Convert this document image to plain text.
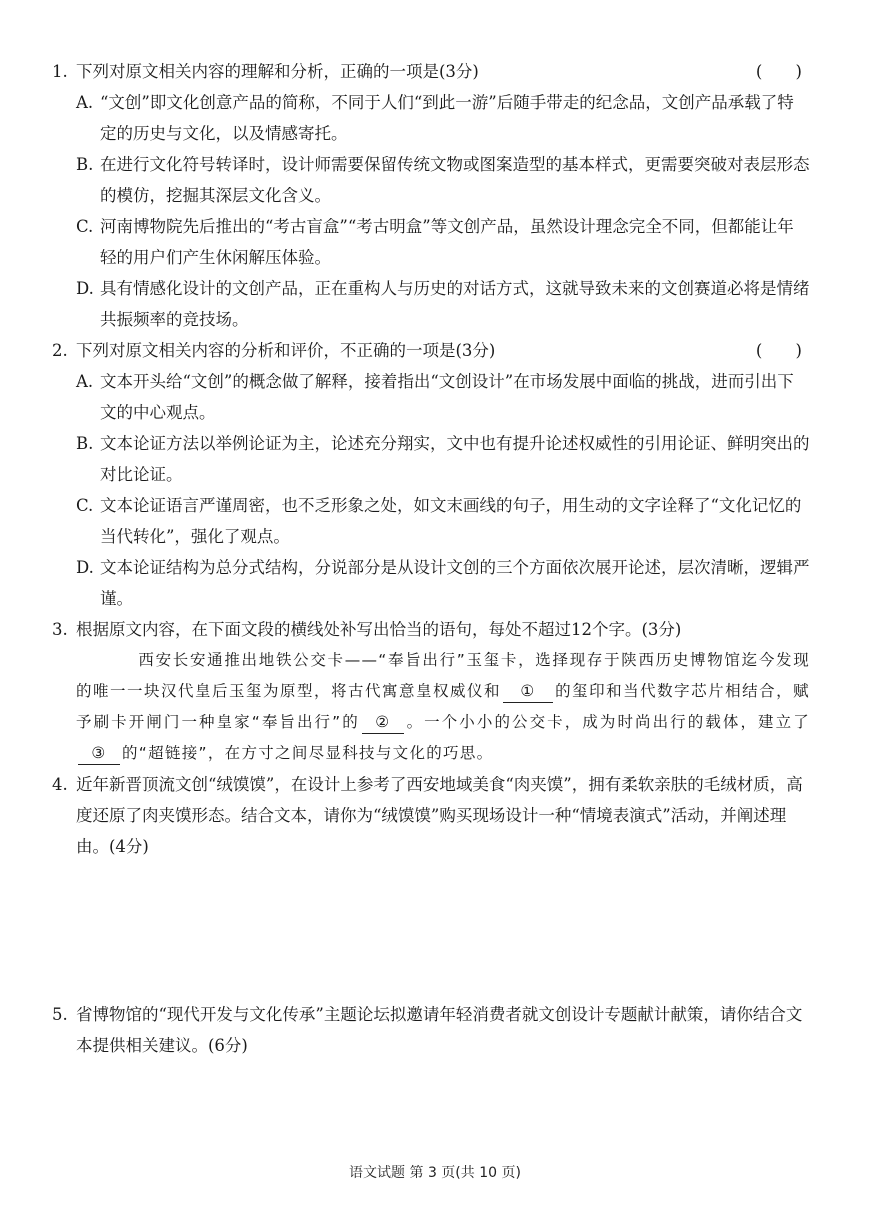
1. 下列对原文相关内容的理解和分析，正确的一项是(3分)	( )
A. “文创”即文化创意产品的简称，不同于人们“到此一游”后随手带走的纪念品，文创产品承载了特定的历史与文化，以及情感寄托。
B. 在进行文化符号转译时，设计师需要保留传统文物或图案造型的基本样式，更需要突破对表层形态的模仿，挖掘其深层文化含义。
C. 河南博物院先后推出的“考古盲盒”“考古明盒”等文创产品，虽然设计理念完全不同，但都能让年轻的用户们产生休闲解压体验。
D. 具有情感化设计的文创产品，正在重构人与历史的对话方式，这就导致未来的文创赛道必将是情绪共振频率的竞技场。
2. 下列对原文相关内容的分析和评价，不正确的一项是(3分)	( )
A. 文本开头给“文创”的概念做了解释，接着指出“文创设计”在市场发展中面临的挑战，进而引出下文的中心观点。
B. 文本论证方法以举例论证为主，论述充分翔实，文中也有提升论述权威性的引用论证、鲜明突出的对比论证。
C. 文本论证语言严谨周密，也不乏形象之处，如文末画线的句子，用生动的文字诠释了“文化记忆的当代转化”，强化了观点。
D. 文本论证结构为总分式结构，分说部分是从设计文创的三个方面依次展开论述，层次清晰，逻辑严谨。
3. 根据原文内容，在下面文段的横线处补写出恰当的语句，每处不超过12个字。(3分)
西安长安通推出地铁公交卡——“奉旨出行”玉玺卡，选择现存于陕西历史博物馆迄今发现的唯一一块汉代皇后玉玺为原型，将古代寓意皇权威仪和 ① 的玺印和当代数字芯片相结合，赋予刷卡开闸门一种皇家“奉旨出行”的 ② 。一个小小的公交卡，成为时尚出行的载体，建立了③ 的“超链接”，在方寸之间尽显科技与文化的巧思。
4. 近年新晋顶流文创“绒馍馍”，在设计上参考了西安地域美食“肉夹馍”，拥有柔软亲肤的毛绒材质，高度还原了肉夹馍形态。结合文本，请你为“绒馍馍”购买现场设计一种“情境表演式”活动，并阐述理由。(4分)
5. 省博物馆的“现代开发与文化传承”主题论坛拟邀请年轻消费者就文创设计专题献计献策，请你结合文本提供相关建议。(6分)
语文试题 第 3 页(共 10 页)
